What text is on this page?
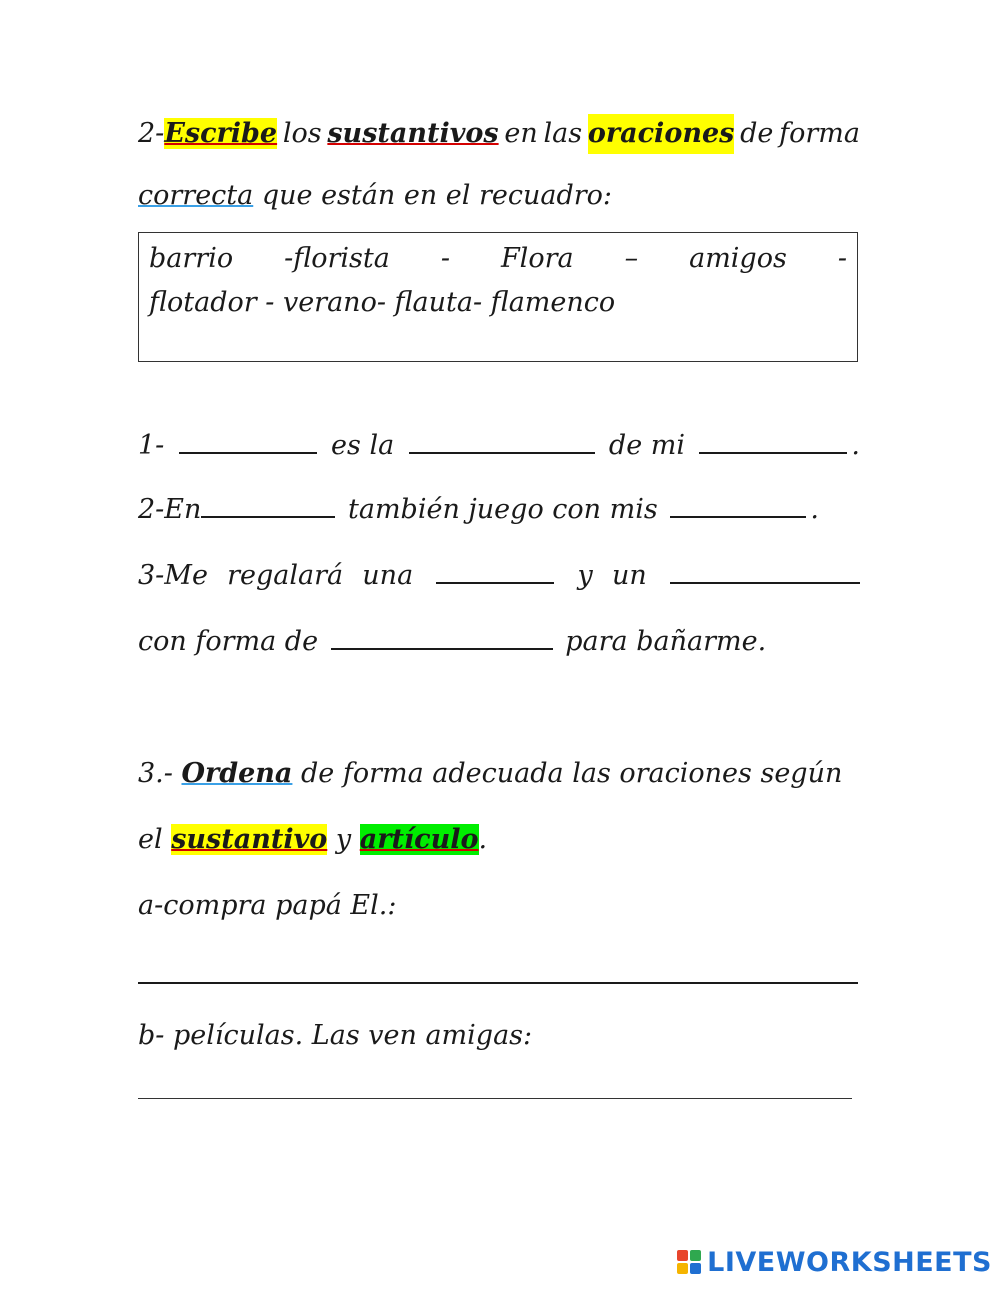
2-Escribe los sustantivos en las oraciones de forma
correcta que están en el recuadro:
barrio -florista - Flora – amigos -
flotador - verano- flauta- flamenco
1-	es la	de mi	.
2-En	también juego con mis	.
3-Me regalará una	y un
con forma de	para bañarme.
3.- Ordena de forma adecuada las oraciones según
el sustantivo y artículo.
a-compra papá El.:
b- películas. Las ven amigas:
LIVEWORKSHEETS
